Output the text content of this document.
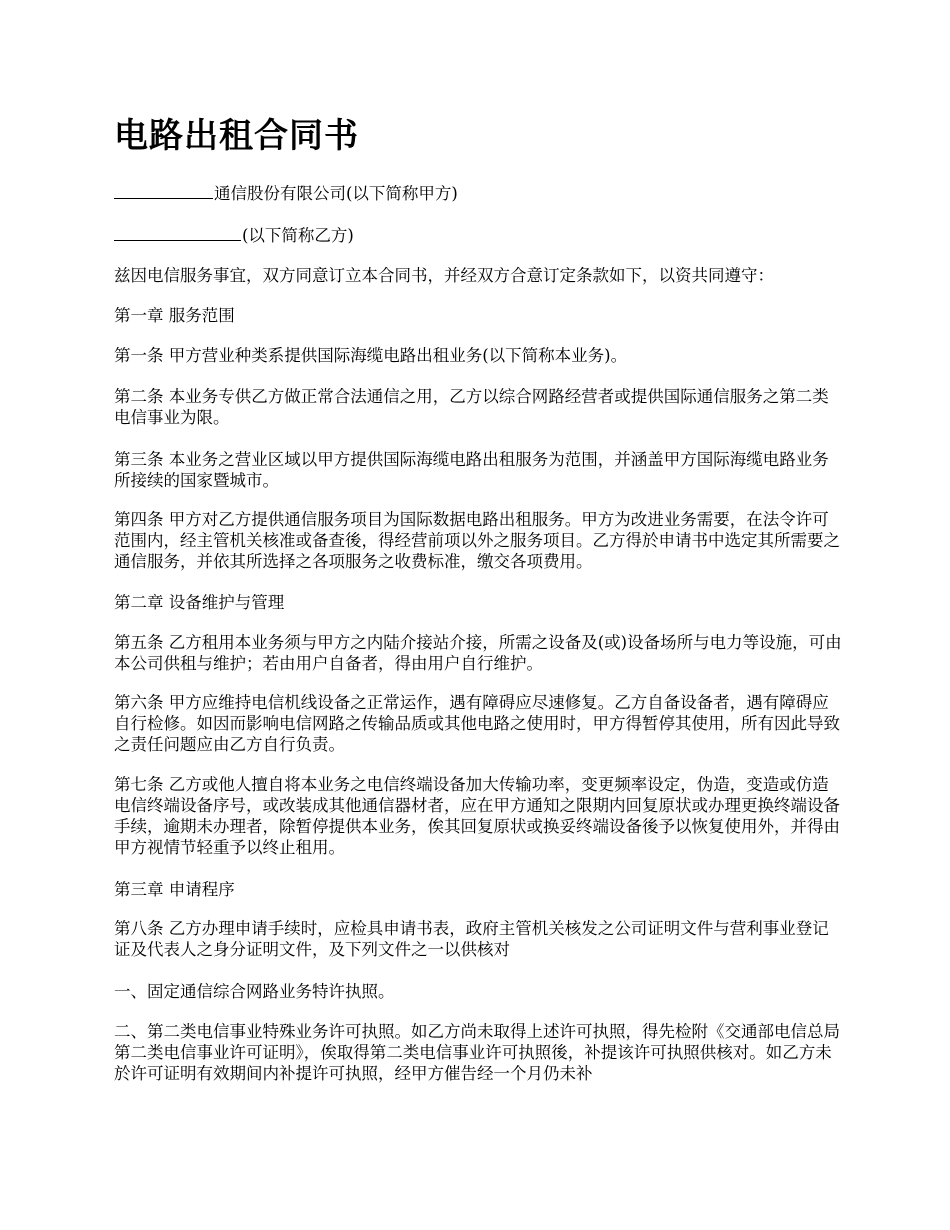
电路出租合同书

通信股份有限公司(以下简称甲方)

(以下简称乙方)

兹因电信服务事宜，双方同意订立本合同书，并经双方合意订定条款如下，以资共同遵守：

第一章 服务范围

第一条 甲方营业种类系提供国际海缆电路出租业务(以下简称本业务)。

第二条 本业务专供乙方做正常合法通信之用，乙方以综合网路经营者或提供国际通信服务之第二类电信事业为限。

第三条 本业务之营业区域以甲方提供国际海缆电路出租服务为范围，并涵盖甲方国际海缆电路业务所接续的国家暨城市。

第四条 甲方对乙方提供通信服务项目为国际数据电路出租服务。甲方为改进业务需要，在法令许可范围内，经主管机关核准或备查後，得经营前项以外之服务项目。乙方得於申请书中选定其所需要之通信服务，并依其所选择之各项服务之收费标准，缴交各项费用。

第二章 设备维护与管理

第五条 乙方租用本业务须与甲方之内陆介接站介接，所需之设备及(或)设备场所与电力等设施，可由本公司供租与维护；若由用户自备者，得由用户自行维护。

第六条 甲方应维持电信机线设备之正常运作，遇有障碍应尽速修复。乙方自备设备者，遇有障碍应自行检修。如因而影响电信网路之传输品质或其他电路之使用时，甲方得暂停其使用，所有因此导致之责任问题应由乙方自行负责。

第七条 乙方或他人擅自将本业务之电信终端设备加大传输功率，变更频率设定，伪造，变造或仿造电信终端设备序号，或改装成其他通信器材者，应在甲方通知之限期内回复原状或办理更换终端设备手续，逾期未办理者，除暂停提供本业务，俟其回复原状或换妥终端设备後予以恢复使用外，并得由甲方视情节轻重予以终止租用。

第三章 申请程序

第八条 乙方办理申请手续时，应检具申请书表，政府主管机关核发之公司证明文件与营利事业登记证及代表人之身分证明文件，及下列文件之一以供核对

一、固定通信综合网路业务特许执照。

二、第二类电信事业特殊业务许可执照。如乙方尚未取得上述许可执照，得先检附《交通部电信总局第二类电信事业许可证明》，俟取得第二类电信事业许可执照後，补提该许可执照供核对。如乙方未於许可证明有效期间内补提许可执照，经甲方催告经一个月仍未补
